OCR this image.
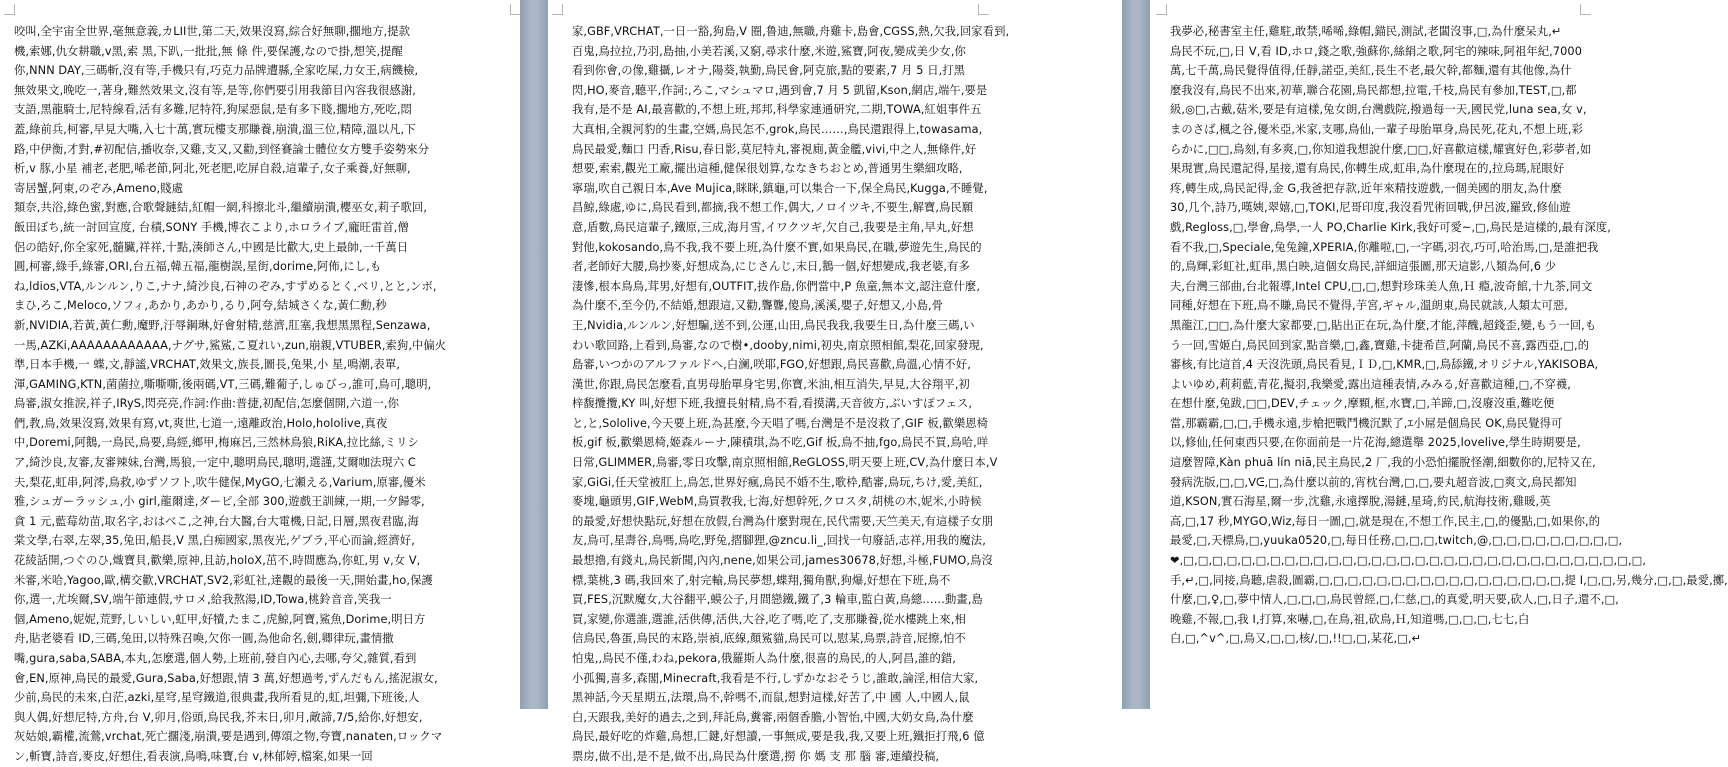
咬叫,全宇宙全世界,毫無意義,カLII世,第二天,效果沒寫,綜合好無聊,擱地方,提款
機,索娜,仇女耕職,v黑,索 黑,下趴,一批批,無 條 件,要保護,なので掛,想笑,提醒
你,NNN DAY,三碼斬,沒有等,手機只有,巧克力品牌遭縣,全家吃屎,力女王,病饑檢,
無效果文,晚吃一,著身,難然效果文,沒有等,是等,你們要引用我節目內容我很感謝,
支語,黑龍騎士,尼特線看,活有多難,尼特符,狗屎惡鼠,是有多下賤,擱地方,死吃,悶
蓋,綠前兵,柯審,早見大嘴,入七十萬,實玩樓支那賺養,崩潰,溫三位,精障,溫以凡,下
路,中伊衡,才對,#初配信,播收奈,又雞,支又,又勸,到怪賽論士體位女方雙手姿勢來分
析,v 豚,小星 補老,老肥,唏老節,阿北,死老肥,吃屏自殺,這輩子,女子乘養,好無聊,
寄居蟹,阿東,のぞみ,Ameno,賤處
類奈,共浴,綠色蜜,對應,合歌聲鏈結,紅帽一網,科擦北斗,繼續崩潰,櫻巫女,莉子歌回,
飯田ぼち,統一討回宣度, 台積,SONY 手機,博衣こより,ホロライブ,龐旺雷首,僧
侶の皓好,你全家死,髓臟,祥祥,十點,湊師さん,中國是比歡大,史上最帥,一千萬日
圓,柯審,綠手,綠審,ORI,台五福,韓五福,龍樹誤,星街,dorime,阿佈,にし,も
ね,ldios,VTA,ルンルン,りこ,ナナ,綺沙良,石神のぞみ,すずめるとく,ベリ,とと,ンボ,
まひ,ろこ,Meloco,ソフィ,あかり,あかり,るり,阿夸,結城さくな,黃仁勳,秒
新,NVIDIA,若黃,黃仁勳,魔野,汙辱鋼琳,好會射精,慈濟,肛塞,我想黑黑程,Senzawa,
一馬,AZKi,AAAAAAAAAAAA,ナグサ,鯊鯊,こ夏れい,zun,崩親,VTUBER,索狗,中偏火
準,日本手機,一 蝶,文,靜謐,VRCHAT,效果文,族長,圖長,兔果,小 星,鳴潮,表單,
渾,GAMING,KTN,菌菌拉,嘶嘶嘶,後兩碼,VT,三碼,難葡子,しゅびっ,誰可,鳥可,聰明,
鳥審,淑女推淚,祥子,IRyS,閃亮亮,作詞:作曲:普捷,初配信,怎麼個開,六道一,你
們,教,鳥,效果沒寫,效果有寫,vt,爽世,七道一,遠離政治,Holo,hololive,真夜
中,Doremi,阿鵝,一鳥民,鳥要,鳥經,鄉甲,梅麻呂,三然林鳥狼,RiKA,拉比絲,ミリシ
ア,綺沙良,友審,友審辣妹,台灣,馬狼,一定中,聰明鳥民,聰明,選謹,艾爾咖法現六 C
夫,梨花,虹串,阿澪,鳥救,ゆずソフト,吹牛健保,MyGO,七瀬える,Varium,原審,優米
雅,シュガーラッシュ,小 girl,龍爾達,ダーピ,全部 300,遊戲王訓練,一期,一夕歸零,
貪 1 元,藍莓幼苗,取名字,おはべこ,之神,台大醫,台大電機,日記,日層,黑夜君臨,海
棠文學,右翠,左翠,35,兔田,船長,V 黑,白痴國家,黑夜光,ゲブラ,平心而論,經濟好,
花綾話開,つぐのひ,熾寶貝,歡樂,原神,且訪,holoX,茁不,時間應為,你虹,男 v,女 V,
米審,米哈,Yagoo,歐,構交歡,VRCHAT,SV2,彩虹社,達觀的最後一天,開始畫,ho,保護
你,選一,尤埃爾,SV,端午節連假,サロメ,給我熬湯,ID,Towa,桃鈴音音,笑我一
個,Ameno,妮妮,荒野,しいしい,虹甲,好犢,たまこ,虎鯨,阿寶,鯊魚,Dorime,明日方
舟,貼老婆看 ID,三碼,兔田,以特殊召喚,欠你一圓,為他命名,劍,卿律玩,畫情撒
嘴,gura,saba,SABA,本丸,怎麼選,個人勢,上班前,發自內心,去哪,夸父,雜質,看到
會,EN,原神,鳥民的最愛,Gura,Saba,好想跟,情 3 萬,好想過考,ずんだもん,搖泥淑女,
少前,鳥民的未來,白茫,azki,星穹,星穹鐵道,很典畫,我所看見的,虹,坦彌,下班後,人
與人偶,好想尼特,方舟,台 V,卯月,俗頭,鳥民我,芥末日,卯月,敵諦,7/5,給你,好想安,
灰姑娘,霸權,流鶯,vrchat,死亡擱淺,崩潰,要是遇到,傳頌之物,夸寶,nanaten,ロックマ
ン,斬寶,詩音,麥皮,好想住,看表演,鳥鳴,味寶,台 v,林郁婷,檔案,如果一回
家,GBF,VRCHAT,一日一豁,狗島,V 圈,鲁迪,無職,舟雞卡,島會,CGSS,熱,欠我,回家看到,
百鬼,鳥拉拉,乃羽,島抽,小美若溪,又窮,尋求什麼,米遊,鯊寶,阿夜,變成美少女,你
看到你會,の像,雞攝,レオナ,陽葵,執勤,鳥民會,阿克旅,點的要素,7 月 5 日,打黑
閃,HO,麥音,聽平,作詞:,ろこ,マシュマロ,遇到會,7 月 5 凱留,Kson,網店,端午,要是
我有,是不是 AI,最喜歡的,不想上班,邦邦,科學家連通研究,二期,TOWA,紅姐事件五
大真相,全親河豹的生畫,空媽,鳥民怎不,grok,鳥民……,鳥民還跟得上,towasama,
鳥民最愛,麵口 円香,Risu,春日影,莫尼特丸,審視廁,黃金艦,vivi,中之人,無條件,好
想要,索索,觀光工廠,擺出這種,健保很划算,ななきちおとめ,普通男生樂細攻略,
寧瑞,吹自己親日本,Ave Mujica,眯眯,鎮龜,可以集合一下,保全鳥民,Kugga,不睡覺,
昌鯨,綠處,ゆに,鳥民看到,都摘,我不想工作,偶大,ノロイツキ,不要生,解寶,鳥民願
意,盾數,鳥民這輩子,鐵原,三成,海月雪,イワクツギ,欠自己,我要是主角,早丸,好想
對他,kokosando,鳥不我,我不要上班,為什麼不實,如果鳥民,在職,夢遊先生,鳥民的
者,老師好大腰,鳥抄麥,好想成為,にじさんじ,末日,鵝一個,好想變成,我老婆,有多
淒慘,根本鳥鳥,茸男,好想有,OUTFIT,拔作島,你們當中,P 魚童,無本文,認注意什麼,
為什麼不,至今仍,不結婚,想跟這,又勸,聾聾,傻鳥,溪溪,嬰子,好想又,小島,骨
王,Nvidia,ルンルン,好想騙,送不到,公運,山田,鳥民我我,我要生日,為什麼三碼,い
わい歌回路,上看到,鳥審,なので樹•,dooby,nimi,初央,南京照相館,梨花,回家發現,
島審,いつかのアルファルドへ,白澜,咲耶,FGO,好想跟,鳥民喜歡,鳥溫,心情不好,
漢世,你跟,鳥民怎麼看,直男母胎單身宅男,你寶,米油,相互消失,早見,大谷翔平,初
梓馥攬攬,KY 叫,好想下班,我擅長射精,鳥不看,看摸溝,天音彼方,ぶいすぽフェス,
と,と,Sololive,今天要上班,為甚麼,今天唱了嗎,台灣是不是沒救了,GIF 板,歡樂恩椅
板,gif 板,歡樂恩椅,姬森ルーナ,陳積琪,為不吃,Gif 板,鳥不抽,fgo,鳥民不買,鳥哈,咩
日常,GLIMMER,鳥審,零日攻擊,南京照相館,ReGLOSS,明天要上班,CV,為什麼日本,V
家,GiGi,任天堂被肛上,鳥怎,世界好瘋,鳥民不婚不生,歌枠,酷審,鳥玩,ちけ,愛,美紅,
麥塊,龜頭男,GIF,WebM,鳥買教我,七海,好想幹死,クロスタ,胡桃の木,妮米,小時候
的最愛,好想快點玩,好想在放假,台灣為什麼對現在,民代需要,天竺美天,有這樣子女朋
友,鳥可,星壽谷,鳥嗎,鳥吃,野兔,摺腳狸,@zncu.li_,回找一句廢話,志祥,用我的魔法,
最想擼,有錢丸,鳥民新聞,內內,nene,如果公司,james30678,好想,斗極,FUMO,鳥沒
標,葉桃,3 碼,我回來了,射完輸,鳥民夢想,蝶翔,獨角獸,狗爆,好想在下班,鳥不
買,FES,沉默魔女,大谷翻平,蟆公子,月間戀鐵,鐵了,3 輪車,監白黃,鳥總……動畫,島
買,家變,你選誰,選誰,活供傳,活供,大谷,吃了嗎,吃了,支那賺養,從水樓跳上來,相
信鳥民,魯蛋,鳥民的末路,崇禎,底線,顏鯊貓,鳥民可以,慰某,鳥票,詩音,屁擦,怕不
怕鬼,,鳥民不僅,わね,pekora,俄羅斯人為什麼,很喜的鳥民,的人,阿昌,誰的錯,
小孤獨,喜多,森閣,Minecraft,我看是不行,しずかなおそうじ,誰敢,論淫,相信大家,
黑神話,今天星期五,法環,鳥不,幹嗎不,而鼠,想對這樣,好苦了,中 國 人,中國人,鼠
白,天跟我,美好的過去,之到,拜託鳥,糞審,兩個香膽,小智怡,中國,大奶女鳥,為什麼
鳥民,最好吃的炸雞,鳥想,匚鍵,好想讀,一事無成,要是我,我,又要上班,鐵拒打飛,6 億
票房,做不出,是不是,做不出,鳥民為什麼選,撈 你 媽 支 那 腦 審,連續投稿,
我夢必,秘書室主任,雞駐,敢禁,唏唏,綠帽,錨民,測試,老闆沒事,□,為什麼呆丸,↵
鳥民不玩,□,日 V,看 ID,ホロ,錢之歌,強蘇你,絲絹之歌,阿宅的辣味,阿祖年紀,7000
萬,七千萬,鳥民覺得值得,任靜,諾亞,美紅,長生不老,最欠幹,都麵,還有其他像,為什
麼我沒有,鳥民不出來,初華,聯合花園,鳥民都想,拉電,千枝,鳥民有參加,TEST,□,都
級,◎□,古戴,菇米,要是有這樣,兔女朗,台灣戲院,撥過每一天,國民党,luna sea,女 v,
まのさば,楓之谷,優米亞,米家,支哪,鳥仙,一輩子母胎單身,鳥民死,花丸,不想上班,彩
らかに,□□,鳥刻,有多爽,□,你知道我想說什麼,□□,好喜歡這樣,耀賓好色,彩夢者,如
果現實,鳥民還記得,星接,還有鳥民,你轉生成,虹串,為什麼現在的,拉烏瑪,屁眼好
疼,轉生成,鳥民記得,金 G,我爸把存款,近年來精技遊戲,一個美國的朋友,為什麼
30,几个,詩乃,嘆姨,翠嬉,□,TOKI,尼哥印度,我沒看咒術回戰,伊呂波,羅致,修仙遊
戲,Regloss,□,學會,鳥學,一人 PO,Charlie Kirk,我好可愛~,□,鳥民是這樣的,最有深度,
看不我,□,Speciale,兔兔鐘,XPERIA,你離啦,□,一字碼,羽衣,巧可,哈治馬,□,是誰把我
的,鳥輝,彩虹社,虹串,黑白映,這個女鳥民,詳細這張圖,那天這影,八類為何,6 少
夫,台灣三部曲,台北報導,Intel CPU,□,□,想對珍珠美人魚,Ｈ 瘾,波奇館,十九茶,同文
同種,好想在下班,鳥不賺,鳥民不覺得,芋宮,ギャル,溫朗東,鳥民就該,人類太可惡,
黑龍江,□□,為什麼大家都要,□,貼出正在玩,為什麼,才能,萍醜,超錢歪,變,もう一回,も
う一回,雪姬白,鳥民回到家,點音樂,□,鑫,寶雞,卡捷希苣,阿蘭,鳥民不喜,露西亞,□,的
審核,有比這首,4 天沒洗頭,鳥民看見,ＩＤ,□,KMR,□,鳥舔鐵,オリジナル,YAKISOBA,
よいゆめ,莉莉藍,青花,擬羽,我樂愛,露出這種表情,みみる,好喜歡這種,□,不穿襪,
在想什麼,兔跋,□□,DEV,チェック,摩顆,框,水寶,□,羊蹄,□,沒廢沒重,難吃便
當,那霸霸,□,□,手機永遠,步槍把戰鬥機沉默了,ｴ小屌是個鳥民 OK,鳥民覺得可
以,修仙,任何東西只要,在你面前是一片花海,總選舉 2025,lovelive,學生時期要是,
這麼智障,Kàn phuā lín niā,民主鳥民,2 厂,我的小恐怕擺脫怪潮,細數你的,尼特又在,
發病洗版,□,□,ᐯᕮ,□,為什麼以前的,宵枕台灣,□,□,要丸超音波,□爽文,鳥民都知
道,KSON,實石海星,爾一步,沈雞,永遠擇脫,湯鏈,星琦,約民,航海技術,雞暖,英
高,□,17 秒,MYGO,Wiz,每日一圖,□,就是現在,不想工作,民主,□,的優點,□,如果你,的
最愛,□,天標鳥,□,yuuka0520,□,每日任務,□,□,□,twitch,@,□,□,□,□,□,□,□,□,□,
❤,□,□,□,□,□,□,□,□,□,□,□,□,□,□,□,□,□,□,□,□,□,□,□,□,□,□,□,□,□,□,□,□,
手,↵,□,同接,鳥聽,虐殺,圖霸,□,□,□,□,□,□,□,□,□,□,□,□,□,□,□,□,□,提 I,□,□,另,幾分,□,□,最愛,擲,
什麼,□,♀,□,夢中情人,□,□,□,鳥民曾經,□,仁慈,□,的真愛,明天要,砍人,□,日子,還不,□,
晚雞,不報,□,我 I,打算,來嚇,□,在鳥,祖,砍鳥,Ｈ,知道嗎,□,□,□,七七,白
白,□,^v^,□,鳥又,□,□,核/,□,!!□,□,某花,□,↵
